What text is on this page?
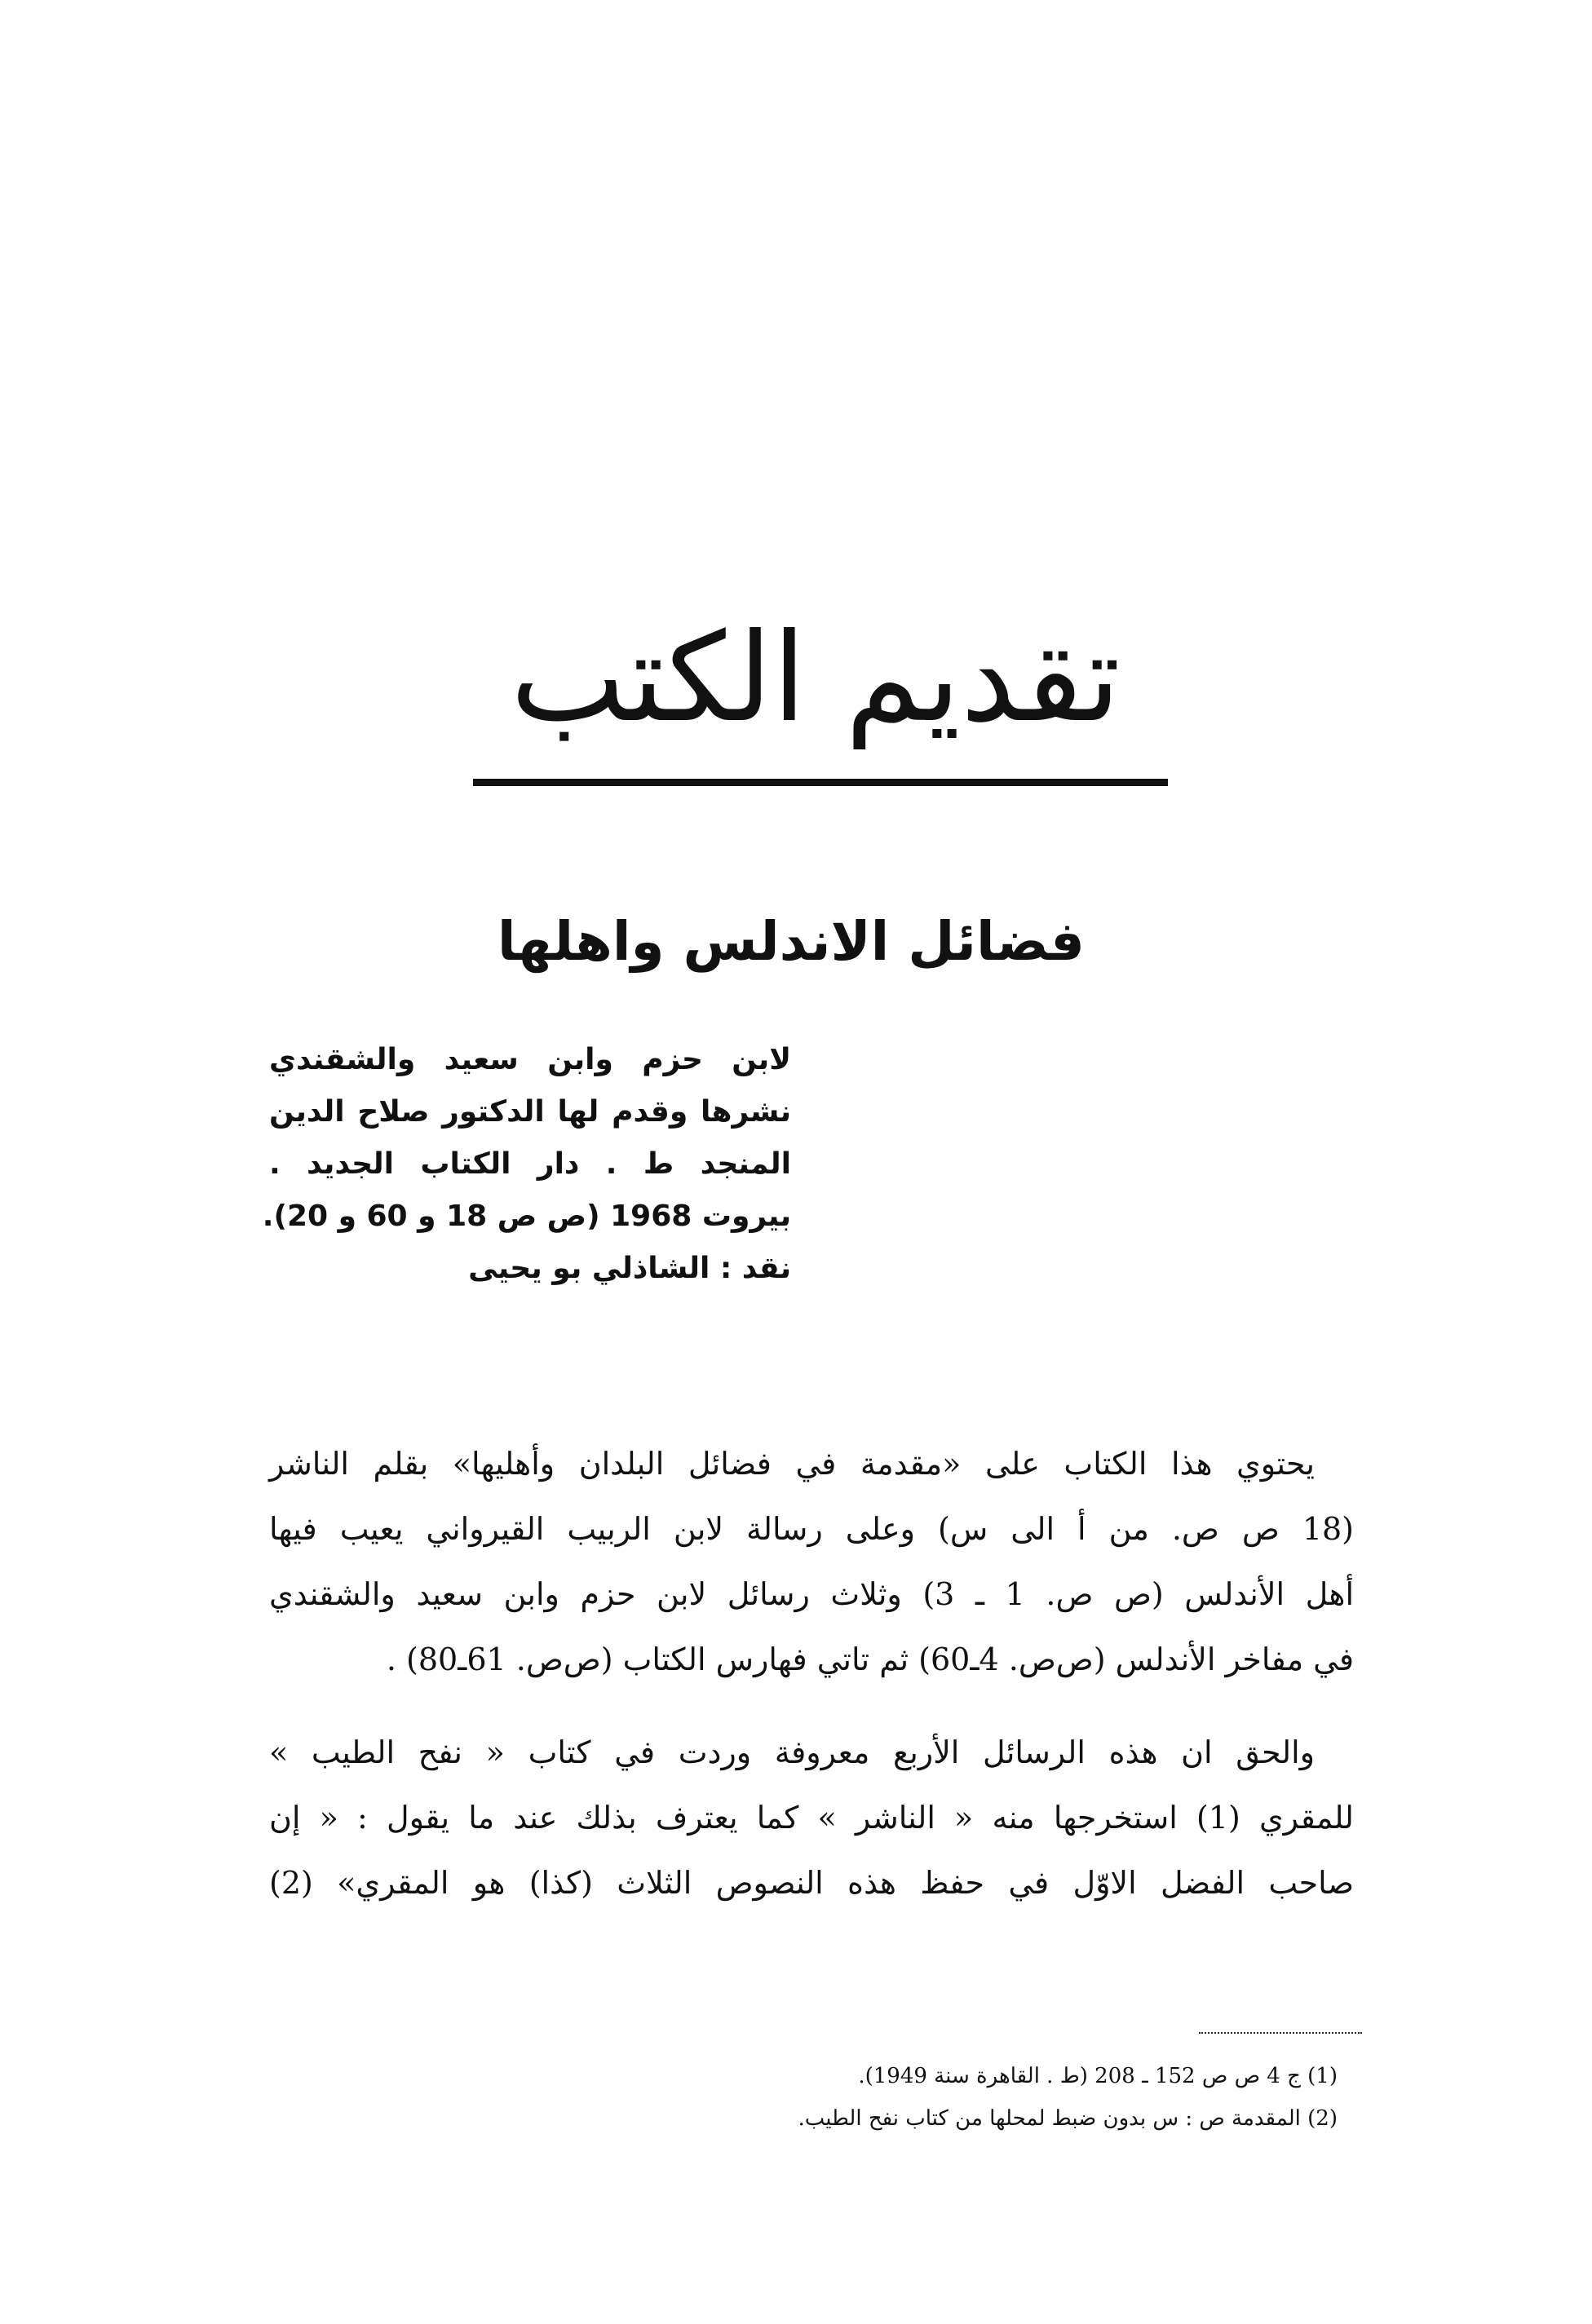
تقديم الكتب
فضائل الاندلس واهلها
لابن حزم وابن سعيد والشقندي
نشرها وقدم لها الدكتور صلاح الدين
المنجد ط . دار الكتاب الجديد .
بيروت 1968 (ص ص 18 و 60 و 20).
نقد : الشاذلي بو يحيى

يحتوي هذا الكتاب على «مقدمة في فضائل البلدان وأهليها» بقلم الناشر
(18 ص ص. من أ الى س) وعلى رسالة لابن الربيب القيرواني يعيب فيها
أهل الأندلس (ص ص. 1 ـ 3) وثلاث رسائل لابن حزم وابن سعيد والشقندي
في مفاخر الأندلس (ص‌ص. 4ـ60) ثم تاتي فهارس الكتاب (ص‌ص. 61ـ80) .

والحق ان هذه الرسائل الأربع معروفة وردت في كتاب « نفح الطيب »
للمقري (1) استخرجها منه « الناشر » كما يعترف بذلك عند ما يقول : « إن
صاحب الفضل الاوّل في حفظ هذه النصوص الثلاث (كذا) هو المقري» (2)

(1) ج 4 ص ص 152 ـ 208 (ط . القاهرة سنة 1949).
(2) المقدمة ص : س بدون ضبط لمحلها من كتاب نفح الطيب.
